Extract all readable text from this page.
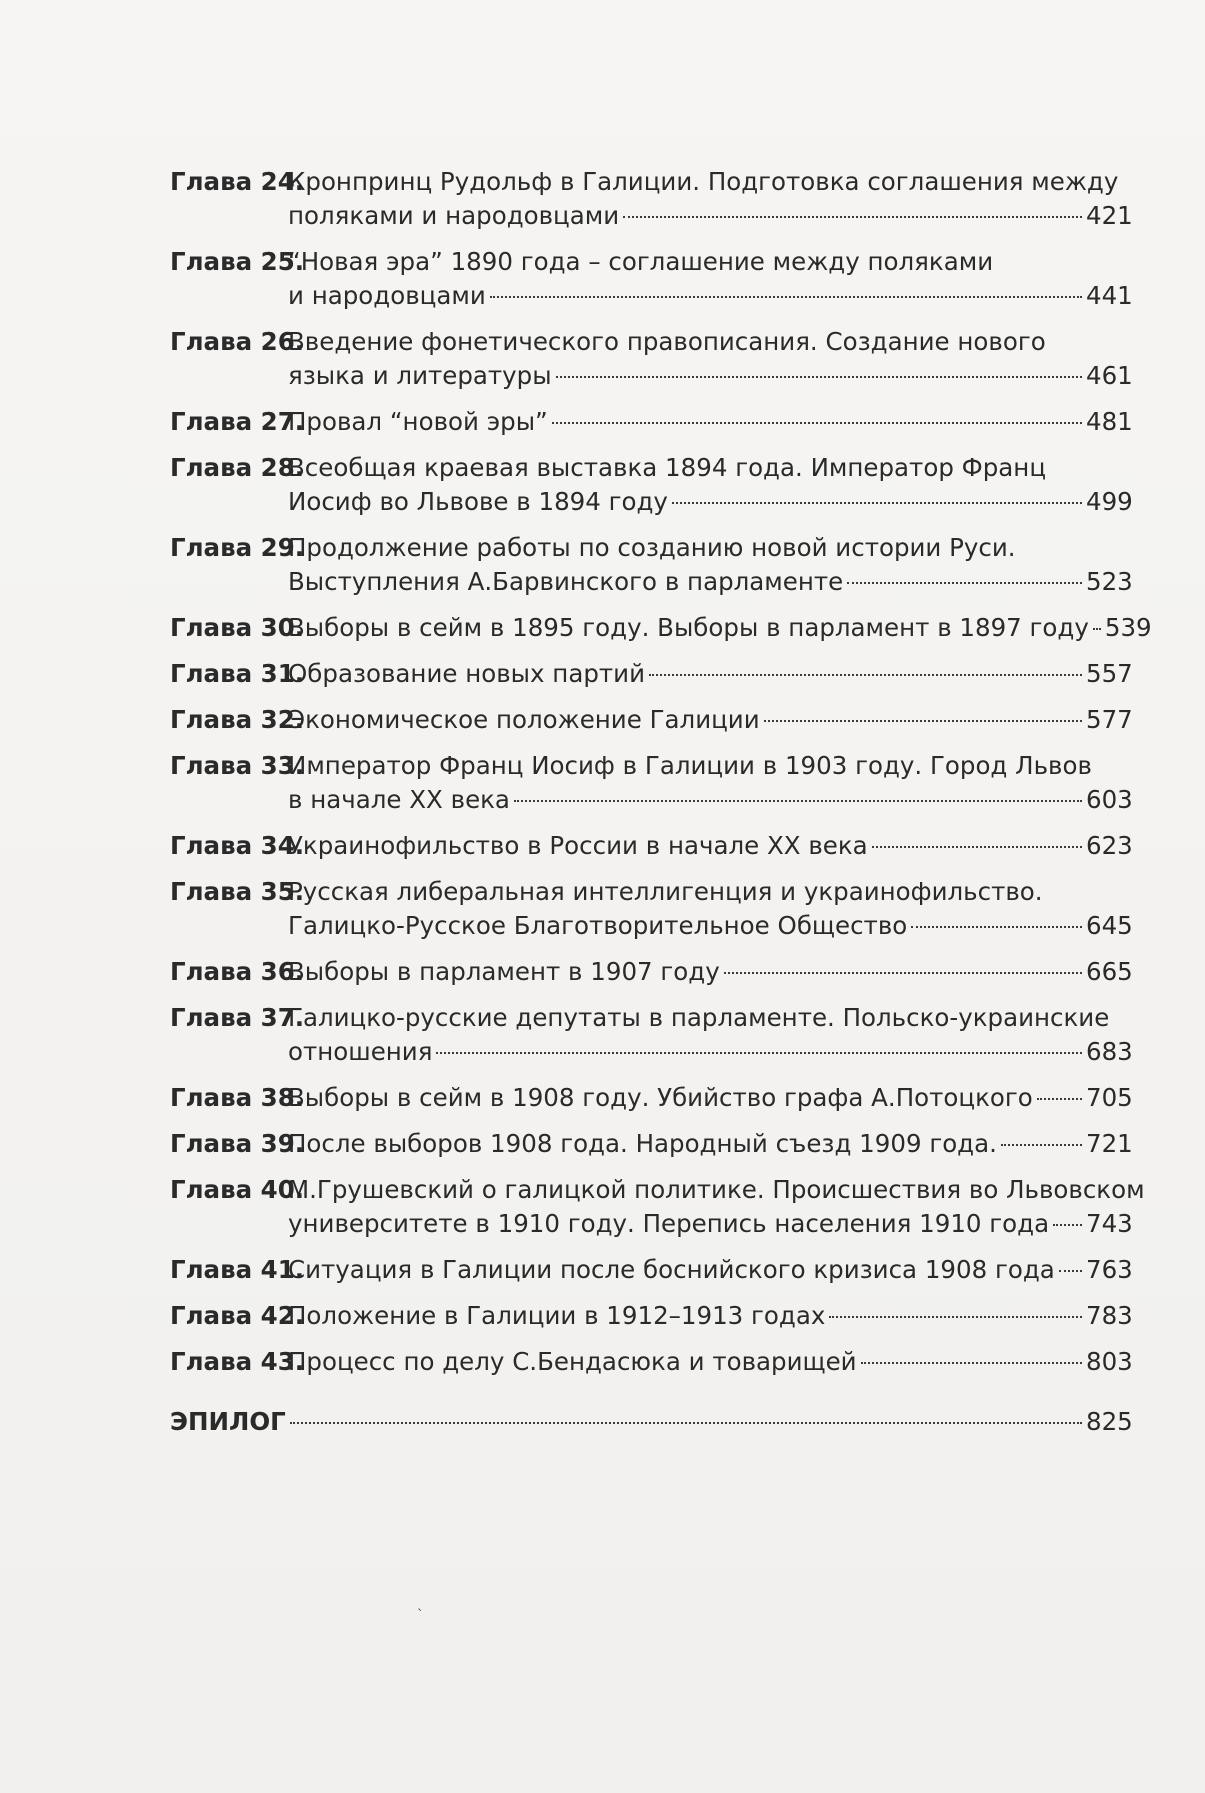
Глава 24.
Кронпринц Рудольф в Галиции. Подготовка соглашения между
поляками и народовцами	421
Глава 25.
“Новая эра” 1890 года – соглашение между поляками
и народовцами	441
Глава 26.
Введение фонетического правописания. Создание нового
языка и литературы	461
Глава 27.
Провал “новой эры”	481
Глава 28.
Всеобщая краевая выставка 1894 года. Император Франц
Иосиф во Львове в 1894 году	499
Глава 29.
Продолжение работы по созданию новой истории Руси.
Выступления А.Барвинского в парламенте	523
Глава 30.
Выборы в сейм в 1895 году. Выборы в парламент в 1897 году 539
Глава 31.
Образование новых партий	557
Глава 32.
Экономическое положение Галиции	577
Глава 33.
Император Франц Иосиф в Галиции в 1903 году. Город Львов
в начале XX века	603
Глава 34.
Украинофильство в России в начале XX века	623
Глава 35.
Русская либеральная интеллигенция и украинофильство.
Галицко-Русское Благотворительное Общество	645
Глава 36.
Выборы в парламент в 1907 году	665
Глава 37.
Галицко-русские депутаты в парламенте. Польско-украинские
отношения	683
Глава 38.
Выборы в сейм в 1908 году. Убийство графа А.Потоцкого 705
Глава 39.
После выборов 1908 года. Народный съезд 1909 года.	721
Глава 40.
М.Грушевский о галицкой политике. Происшествия во Львовском
университете в 1910 году. Перепись населения 1910 года 743
Глава 41.
Ситуация в Галиции после боснийского кризиса 1908 года 763
Глава 42.
Положение в Галиции в 1912–1913 годах	783
Глава 43.
Процесс по делу С.Бендасюка и товарищей	803
ЭПИЛОГ	825
՝
